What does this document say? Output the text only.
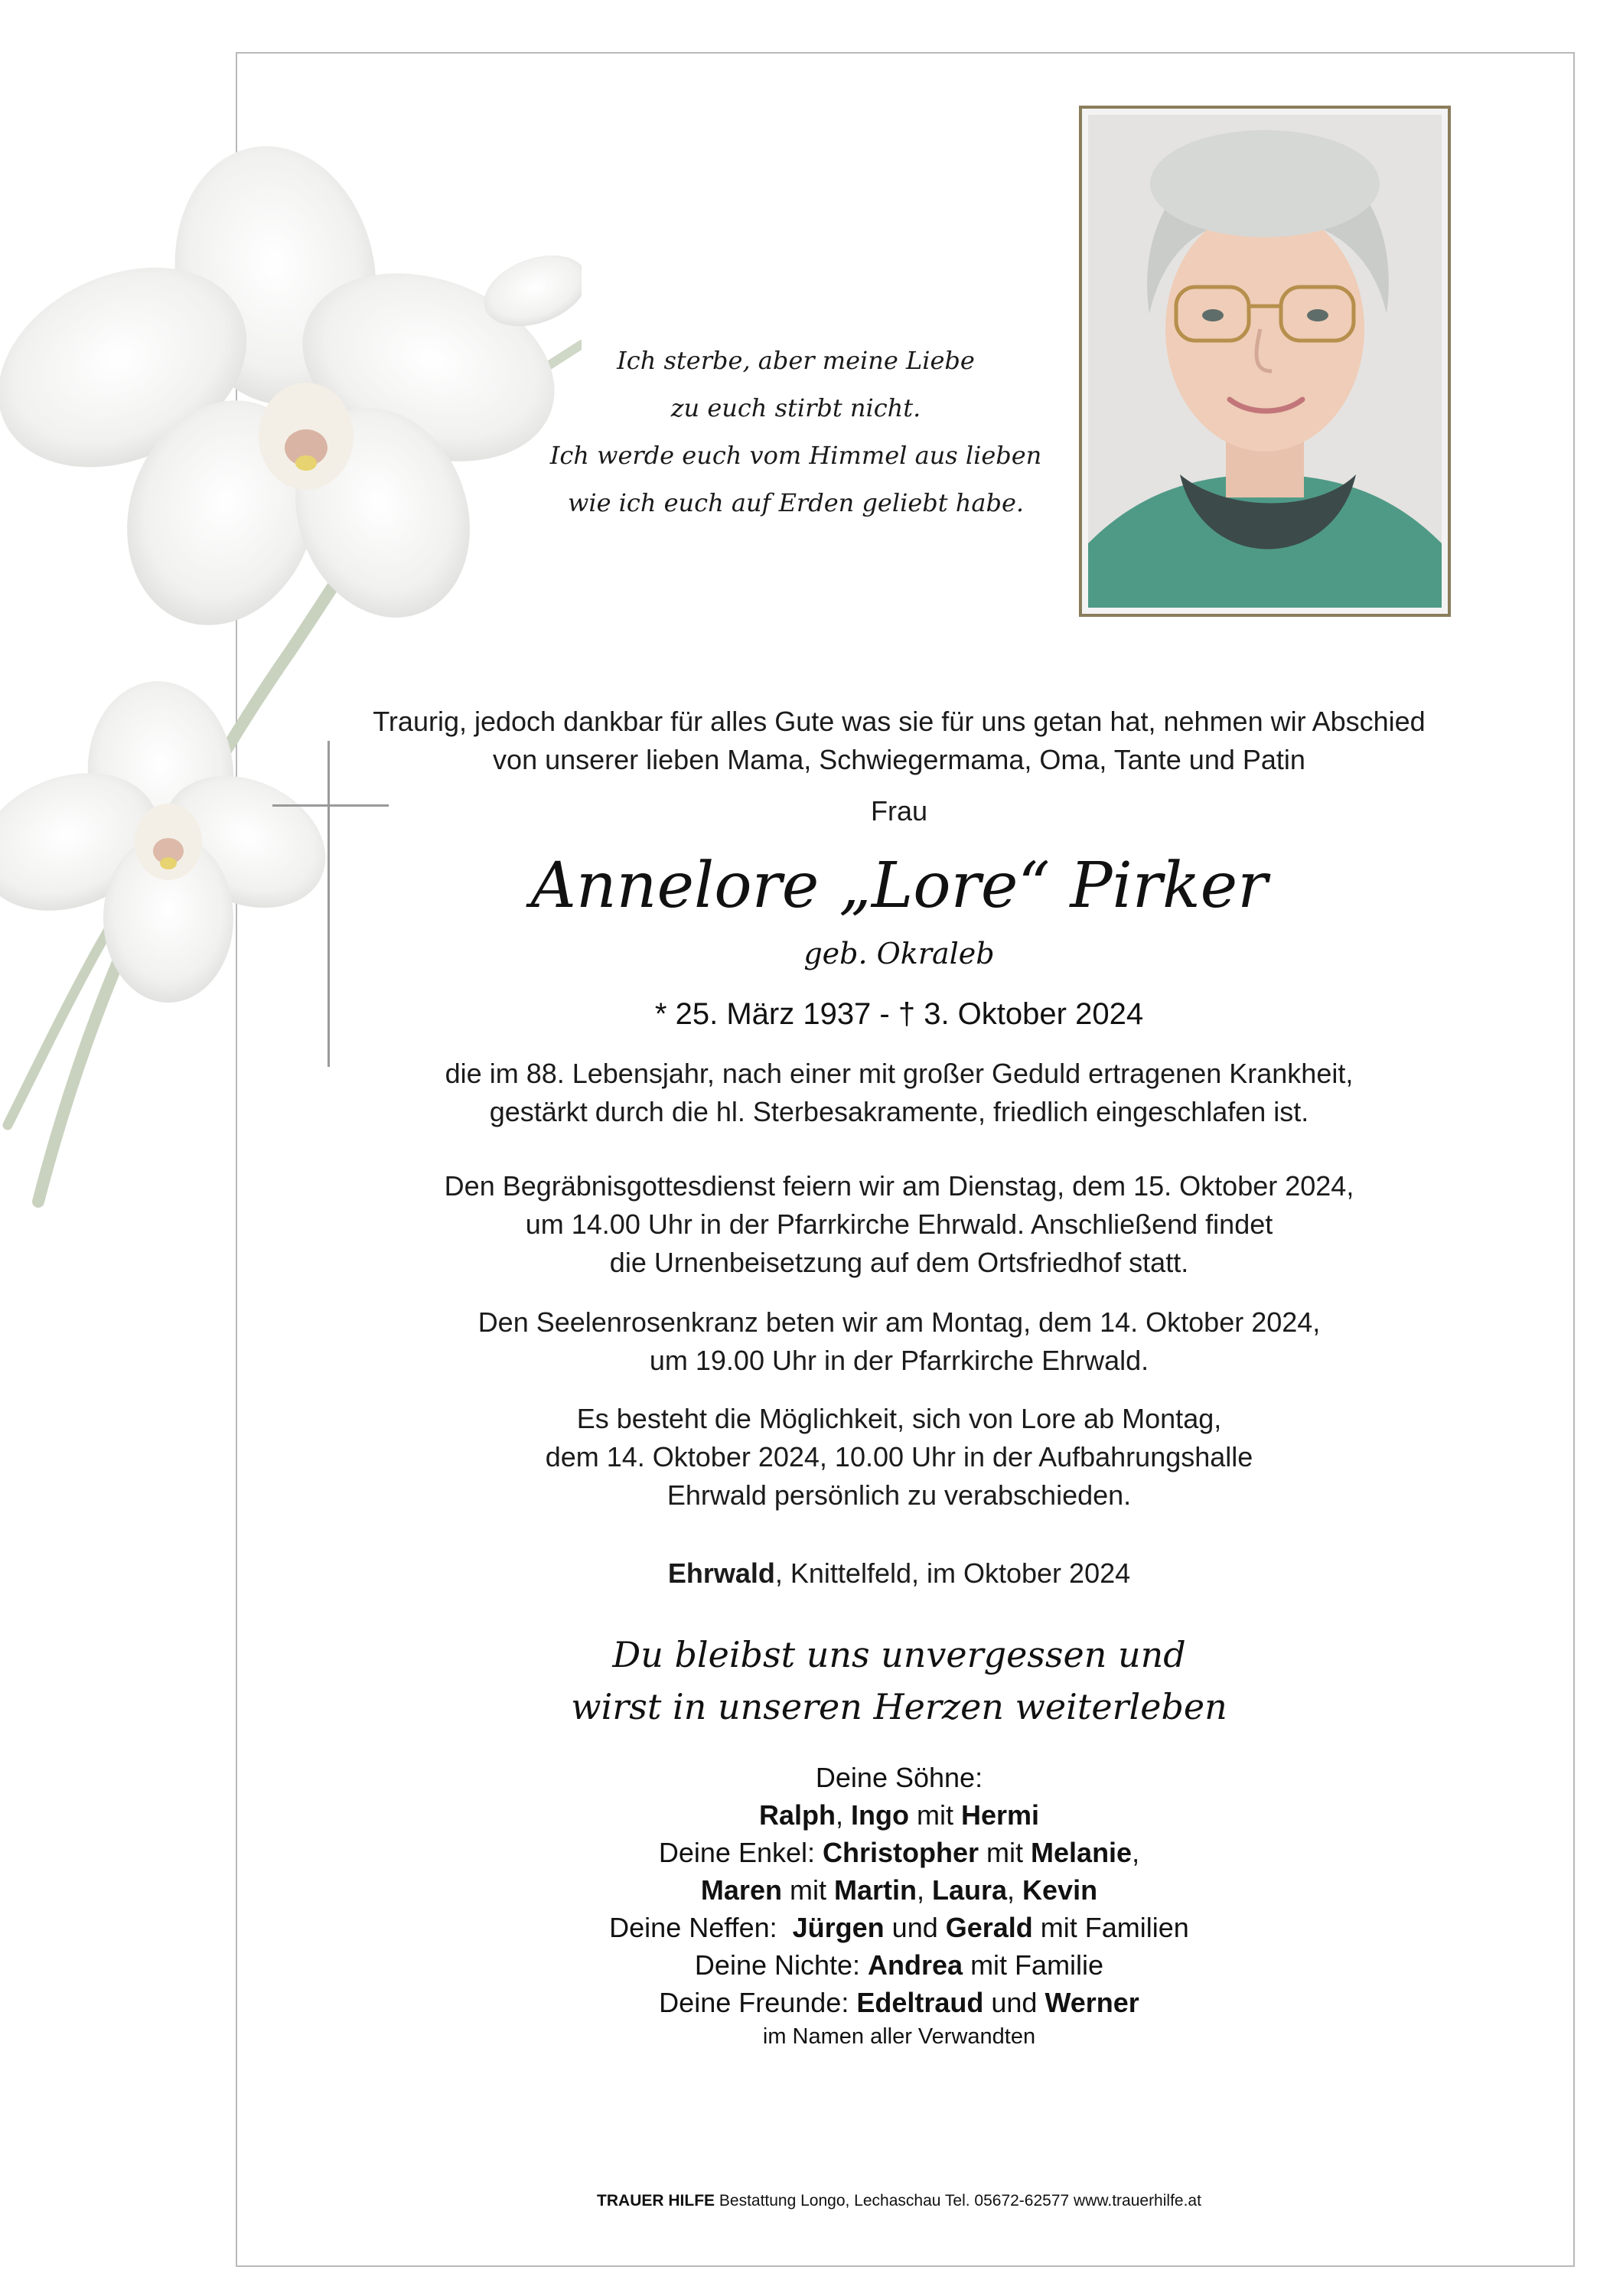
Ich sterbe, aber meine Liebe
zu euch stirbt nicht.
Ich werde euch vom Himmel aus lieben
wie ich euch auf Erden geliebt habe.
Traurig, jedoch dankbar für alles Gute was sie für uns getan hat, nehmen wir Abschied
von unserer lieben Mama, Schwiegermama, Oma, Tante und Patin
Frau
Annelore „Lore“ Pirker
geb. Okraleb
* 25. März 1937 - † 3. Oktober 2024
die im 88. Lebensjahr, nach einer mit großer Geduld ertragenen Krankheit,
gestärkt durch die hl. Sterbesakramente, friedlich eingeschlafen ist.
Den Begräbnisgottesdienst feiern wir am Dienstag, dem 15. Oktober 2024,
um 14.00 Uhr in der Pfarrkirche Ehrwald. Anschließend findet
die Urnenbeisetzung auf dem Ortsfriedhof statt.
Den Seelenrosenkranz beten wir am Montag, dem 14. Oktober 2024,
um 19.00 Uhr in der Pfarrkirche Ehrwald.
Es besteht die Möglichkeit, sich von Lore ab Montag,
dem 14. Oktober 2024, 10.00 Uhr in der Aufbahrungshalle
Ehrwald persönlich zu verabschieden.
Ehrwald, Knittelfeld, im Oktober 2024
Du bleibst uns unvergessen und
wirst in unseren Herzen weiterleben
Deine Söhne:
Ralph, Ingo mit Hermi
Deine Enkel: Christopher mit Melanie,
Maren mit Martin, Laura, Kevin
Deine Neffen:  Jürgen und Gerald mit Familien
Deine Nichte: Andrea mit Familie
Deine Freunde: Edeltraud und Werner
im Namen aller Verwandten
TRAUER HILFE Bestattung Longo, Lechaschau Tel. 05672-62577 www.trauerhilfe.at
